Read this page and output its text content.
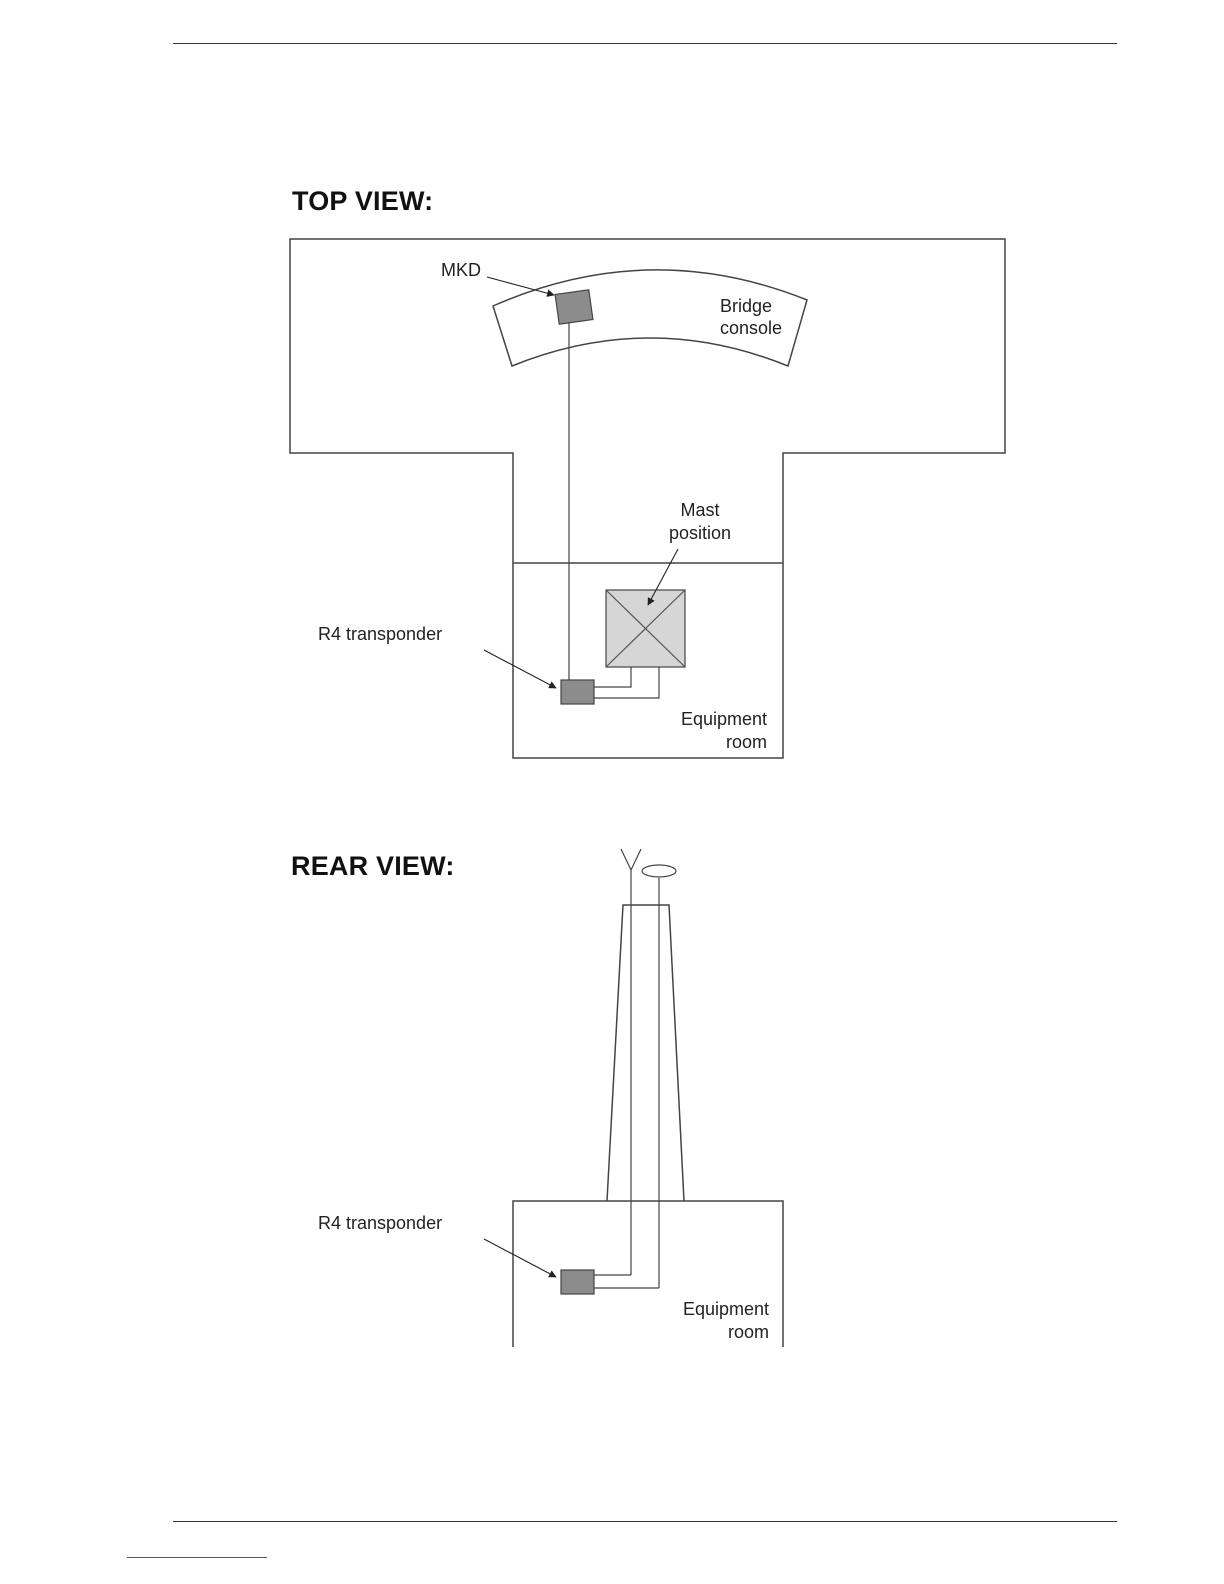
TOP VIEW:
REAR VIEW:
MKD
Bridge
console
Mast
position
R4 transponder
Equipment
room
R4 transponder
Equipment
room
